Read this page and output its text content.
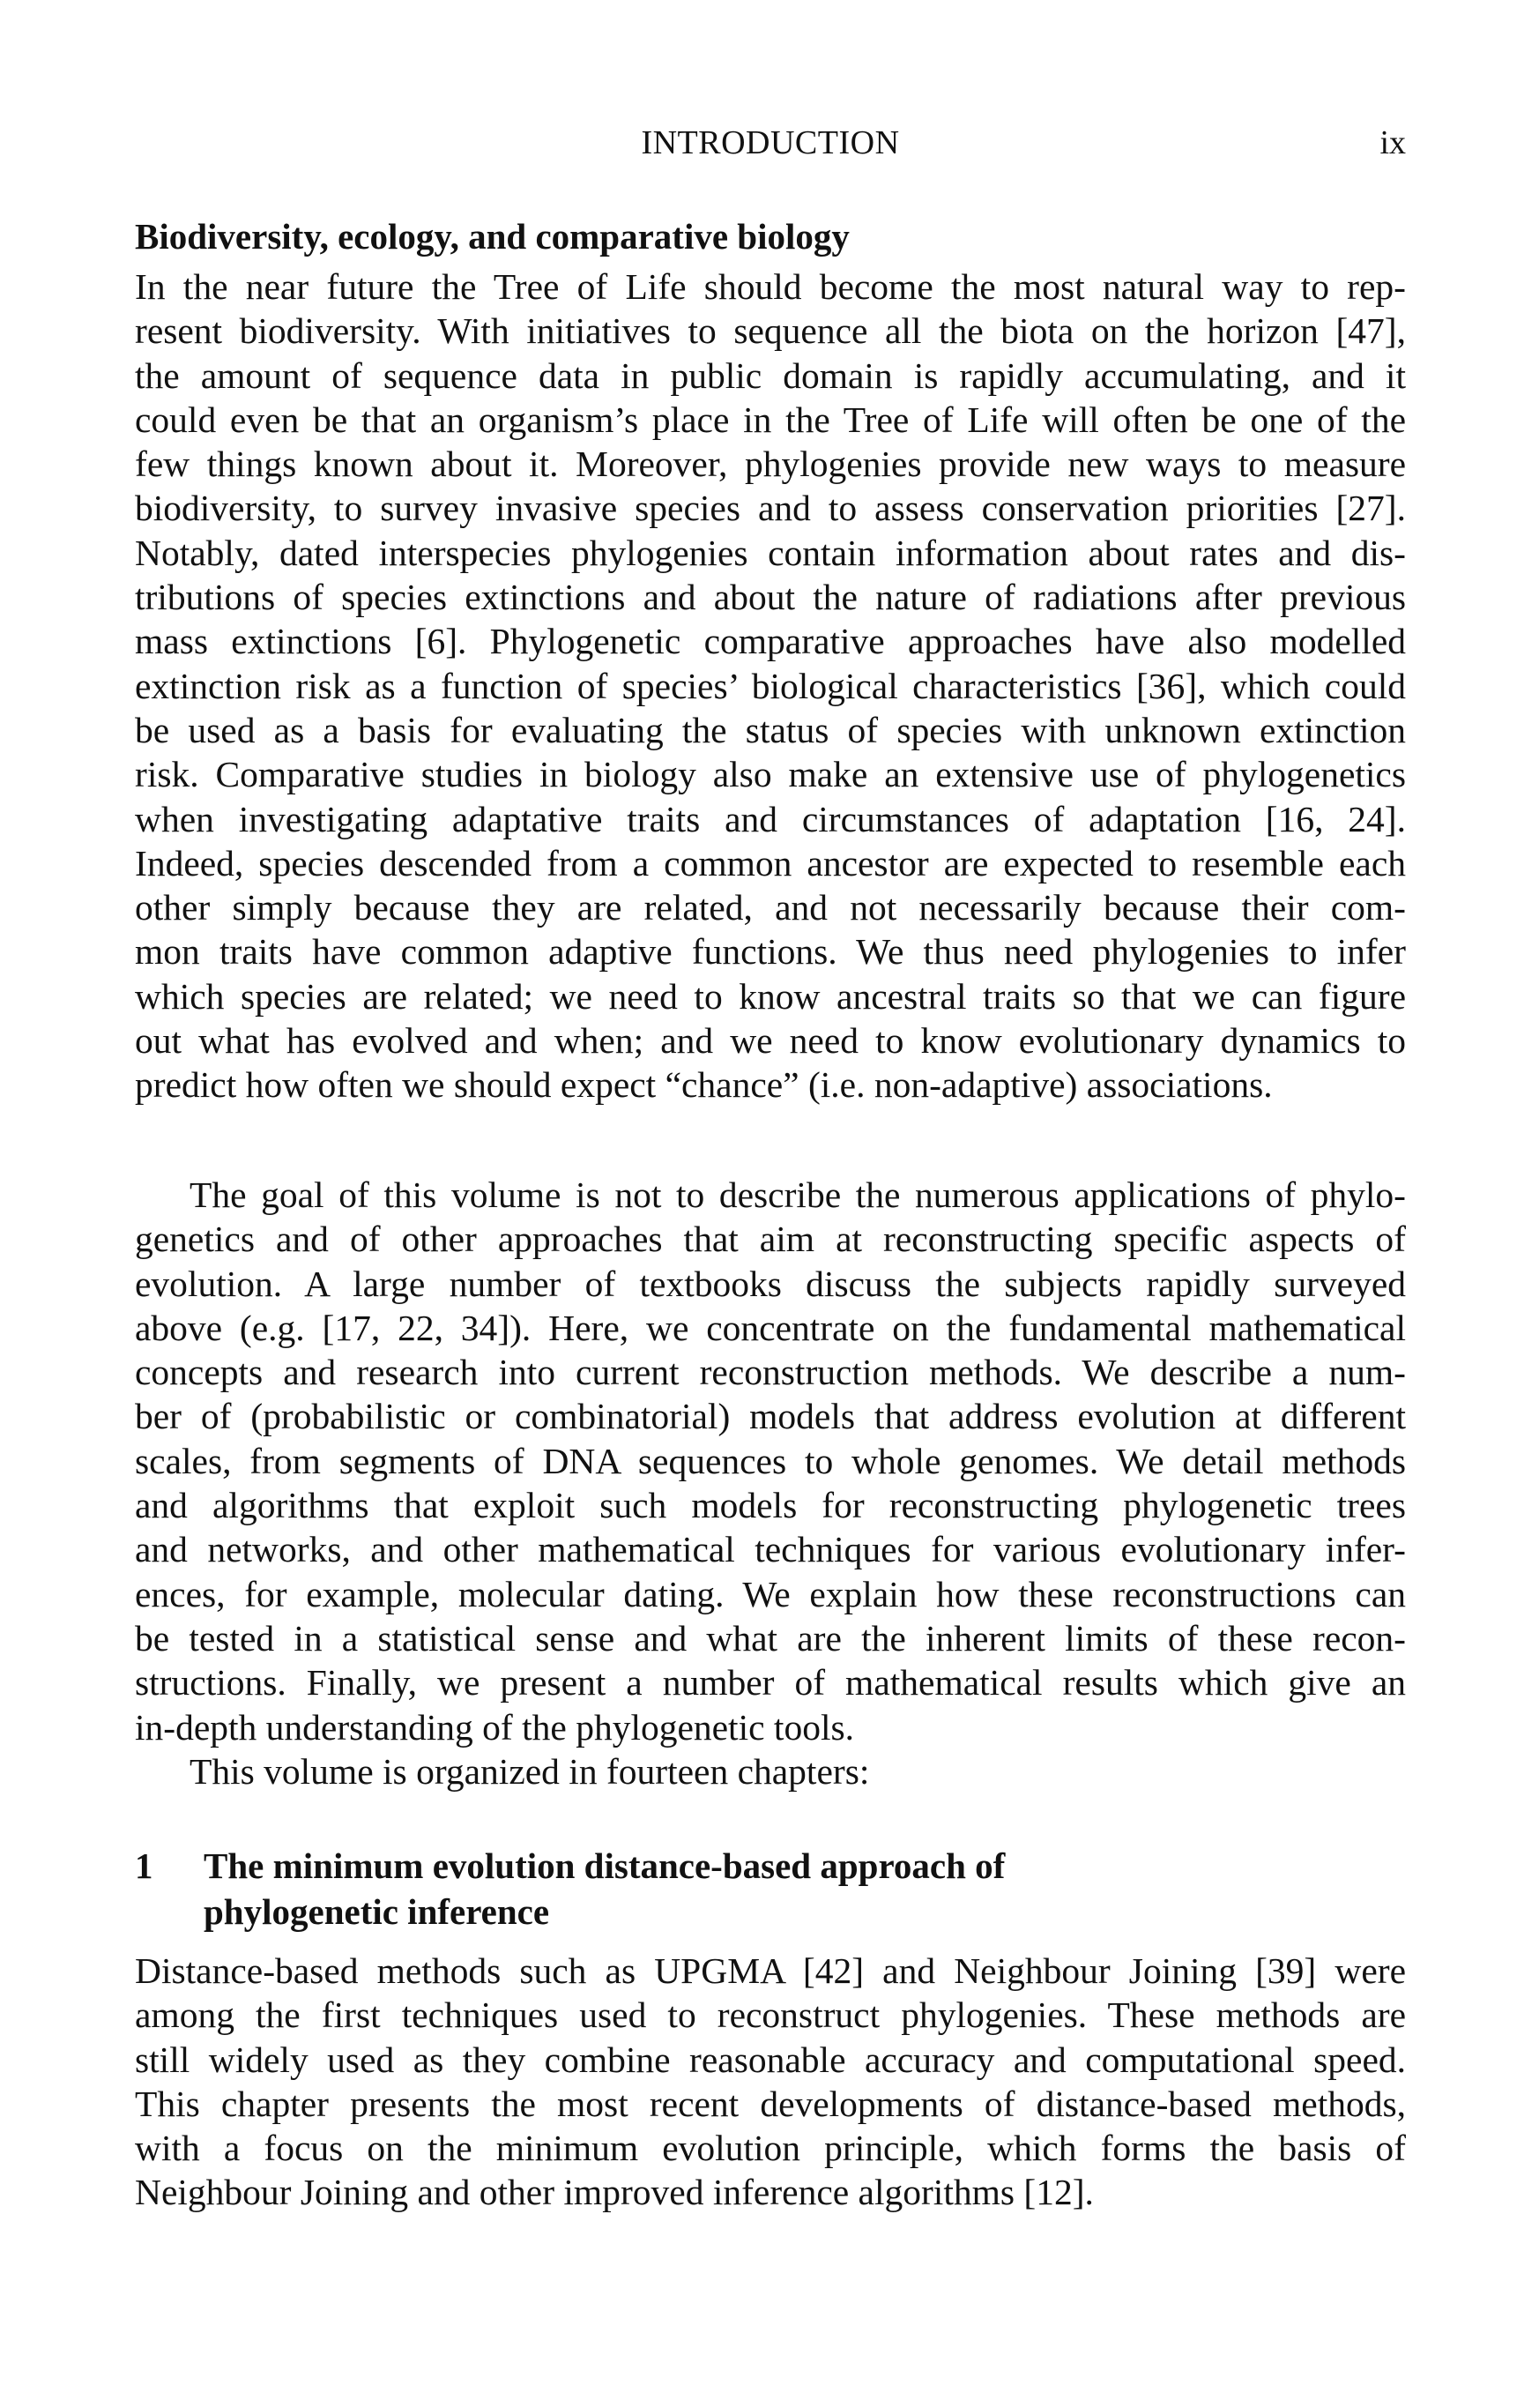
INTRODUCTION	ix
Biodiversity, ecology, and comparative biology
In the near future the Tree of Life should become the most natural way to rep-
resent biodiversity. With initiatives to sequence all the biota on the horizon [47],
the amount of sequence data in public domain is rapidly accumulating, and it
could even be that an organism’s place in the Tree of Life will often be one of the
few things known about it. Moreover, phylogenies provide new ways to measure
biodiversity, to survey invasive species and to assess conservation priorities [27].
Notably, dated interspecies phylogenies contain information about rates and dis-
tributions of species extinctions and about the nature of radiations after previous
mass extinctions [6]. Phylogenetic comparative approaches have also modelled
extinction risk as a function of species’ biological characteristics [36], which could
be used as a basis for evaluating the status of species with unknown extinction
risk. Comparative studies in biology also make an extensive use of phylogenetics
when investigating adaptative traits and circumstances of adaptation [16, 24].
Indeed, species descended from a common ancestor are expected to resemble each
other simply because they are related, and not necessarily because their com-
mon traits have common adaptive functions. We thus need phylogenies to infer
which species are related; we need to know ancestral traits so that we can figure
out what has evolved and when; and we need to know evolutionary dynamics to
predict how often we should expect “chance” (i.e. non-adaptive) associations.
The goal of this volume is not to describe the numerous applications of phylo-
genetics and of other approaches that aim at reconstructing specific aspects of
evolution. A large number of textbooks discuss the subjects rapidly surveyed
above (e.g. [17, 22, 34]). Here, we concentrate on the fundamental mathematical
concepts and research into current reconstruction methods. We describe a num-
ber of (probabilistic or combinatorial) models that address evolution at different
scales, from segments of DNA sequences to whole genomes. We detail methods
and algorithms that exploit such models for reconstructing phylogenetic trees
and networks, and other mathematical techniques for various evolutionary infer-
ences, for example, molecular dating. We explain how these reconstructions can
be tested in a statistical sense and what are the inherent limits of these recon-
structions. Finally, we present a number of mathematical results which give an
in-depth understanding of the phylogenetic tools.
This volume is organized in fourteen chapters:
1 The minimum evolution distance-based approach of
phylogenetic inference
Distance-based methods such as UPGMA [42] and Neighbour Joining [39] were
among the first techniques used to reconstruct phylogenies. These methods are
still widely used as they combine reasonable accuracy and computational speed.
This chapter presents the most recent developments of distance-based methods,
with a focus on the minimum evolution principle, which forms the basis of
Neighbour Joining and other improved inference algorithms [12].
